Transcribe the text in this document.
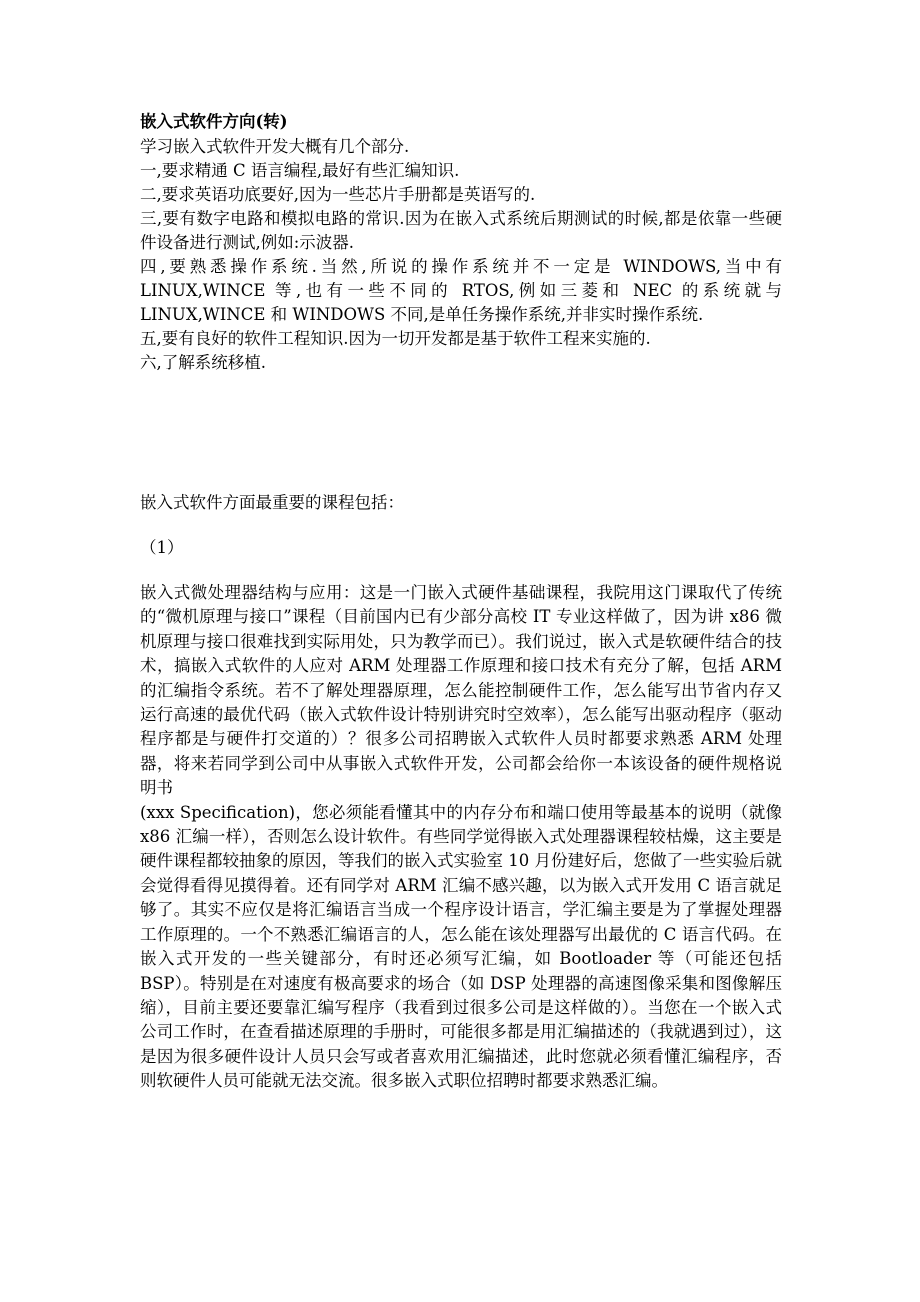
嵌入式软件方向(转)

学习嵌入式软件开发大概有几个部分.

一,要求精通 C 语言编程,最好有些汇编知识.

二,要求英语功底要好,因为一些芯片手册都是英语写的.

三,要有数字电路和模拟电路的常识.因为在嵌入式系统后期测试的时候,都是依靠一些硬件设备进行测试,例如:示波器.

四,要熟悉操作系统.当然,所说的操作系统并不一定是 WINDOWS,当中有 LINUX,WINCE 等,也有一些不同的 RTOS,例如三菱和 NEC 的系统就与 LINUX,WINCE 和 WINDOWS 不同,是单任务操作系统,并非实时操作系统.

五,要有良好的软件工程知识.因为一切开发都是基于软件工程来实施的.

六,了解系统移植.

嵌入式软件方面最重要的课程包括：

（1）

嵌入式微处理器结构与应用：这是一门嵌入式硬件基础课程，我院用这门课取代了传统的“微机原理与接口”课程（目前国内已有少部分高校 IT 专业这样做了，因为讲 x86 微机原理与接口很难找到实际用处，只为教学而已）。我们说过，嵌入式是软硬件结合的技术，搞嵌入式软件的人应对 ARM 处理器工作原理和接口技术有充分了解，包括 ARM 的汇编指令系统。若不了解处理器原理，怎么能控制硬件工作，怎么能写出节省内存又运行高速的最优代码（嵌入式软件设计特别讲究时空效率），怎么能写出驱动程序（驱动程序都是与硬件打交道的）？很多公司招聘嵌入式软件人员时都要求熟悉 ARM 处理器，将来若同学到公司中从事嵌入式软件开发，公司都会给你一本该设备的硬件规格说明书

(xxx Specification)，您必须能看懂其中的内存分布和端口使用等最基本的说明（就像 x86 汇编一样），否则怎么设计软件。有些同学觉得嵌入式处理器课程较枯燥，这主要是硬件课程都较抽象的原因，等我们的嵌入式实验室 10 月份建好后，您做了一些实验后就会觉得看得见摸得着。还有同学对 ARM 汇编不感兴趣，以为嵌入式开发用 C 语言就足够了。其实不应仅是将汇编语言当成一个程序设计语言，学汇编主要是为了掌握处理器工作原理的。一个不熟悉汇编语言的人，怎么能在该处理器写出最优的 C 语言代码。在嵌入式开发的一些关键部分，有时还必须写汇编，如 Bootloader 等（可能还包括 BSP）。特别是在对速度有极高要求的场合（如 DSP 处理器的高速图像采集和图像解压缩），目前主要还要靠汇编写程序（我看到过很多公司是这样做的）。当您在一个嵌入式公司工作时，在查看描述原理的手册时，可能很多都是用汇编描述的（我就遇到过），这是因为很多硬件设计人员只会写或者喜欢用汇编描述，此时您就必须看懂汇编程序，否则软硬件人员可能就无法交流。很多嵌入式职位招聘时都要求熟悉汇编。
